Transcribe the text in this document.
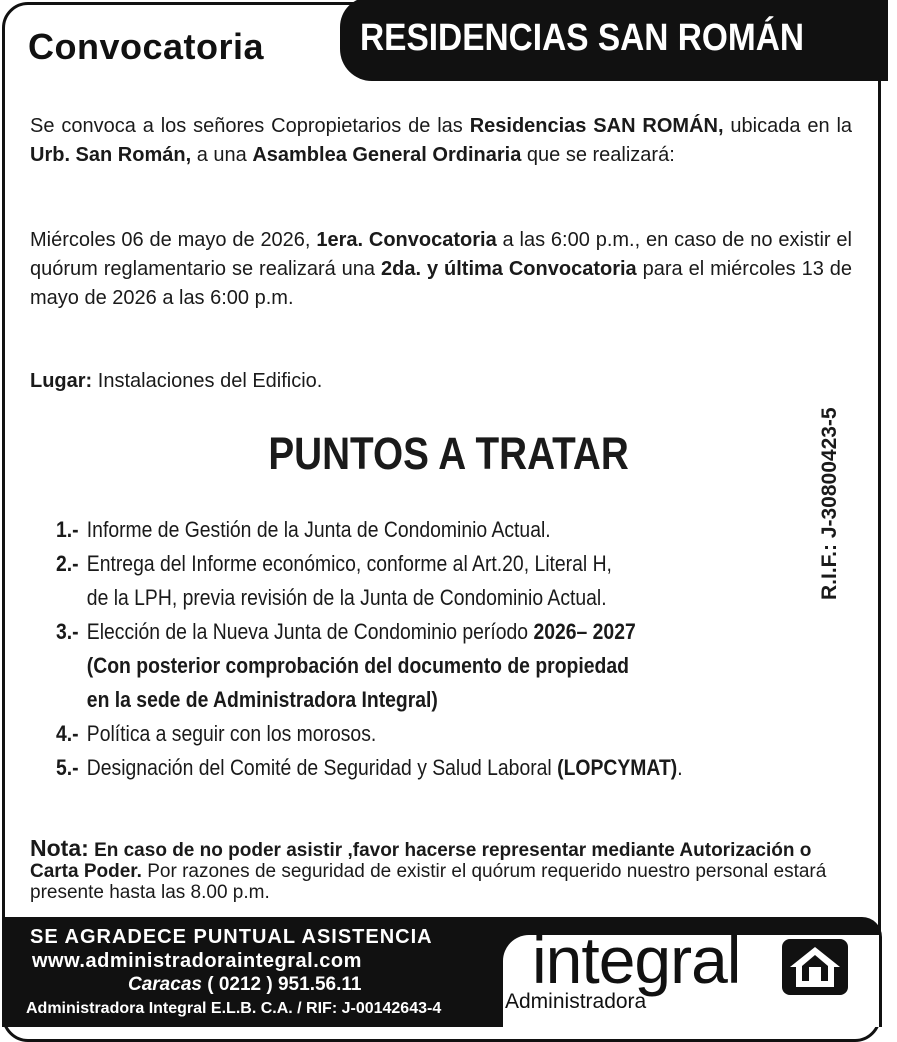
Convocatoria	RESIDENCIAS SAN ROMÁN

Se convoca a los señores Copropietarios de las Residencias SAN ROMÁN, ubicada en la Urb. San Román, a una Asamblea General Ordinaria que se realizará:

Miércoles 06 de mayo de 2026, 1era. Convocatoria a las 6:00 p.m., en caso de no existir el quórum reglamentario se realizará una 2da. y última Convocatoria para el miércoles 13 de mayo de 2026 a las 6:00 p.m.

Lugar: Instalaciones del Edificio.

PUNTOS A TRATAR	R.I.F.: J-30800423-5
1.- Informe de Gestión de la Junta de Condominio Actual.
2.- Entrega del Informe económico, conforme al Art.20, Literal H,
de la LPH, previa revisión de la Junta de Condominio Actual.
3.- Elección de la Nueva Junta de Condominio período 2026– 2027
(Con posterior comprobación del documento de propiedad
en la sede de Administradora Integral)
4.- Política a seguir con los morosos.
5.- Designación del Comité de Seguridad y Salud Laboral (LOPCYMAT).
Nota: En caso de no poder asistir ,favor hacerse representar mediante Autorización o Carta Poder. Por razones de seguridad de existir el quórum requerido nuestro personal estará presente hasta las 8.00 p.m.
SE AGRADECE PUNTUAL ASISTENCIA
www.administradoraintegral.com
Caracas ( 0212 ) 951.56.11
Administradora Integral E.L.B. C.A. / RIF: J-00142643-4
integral
Administradora
